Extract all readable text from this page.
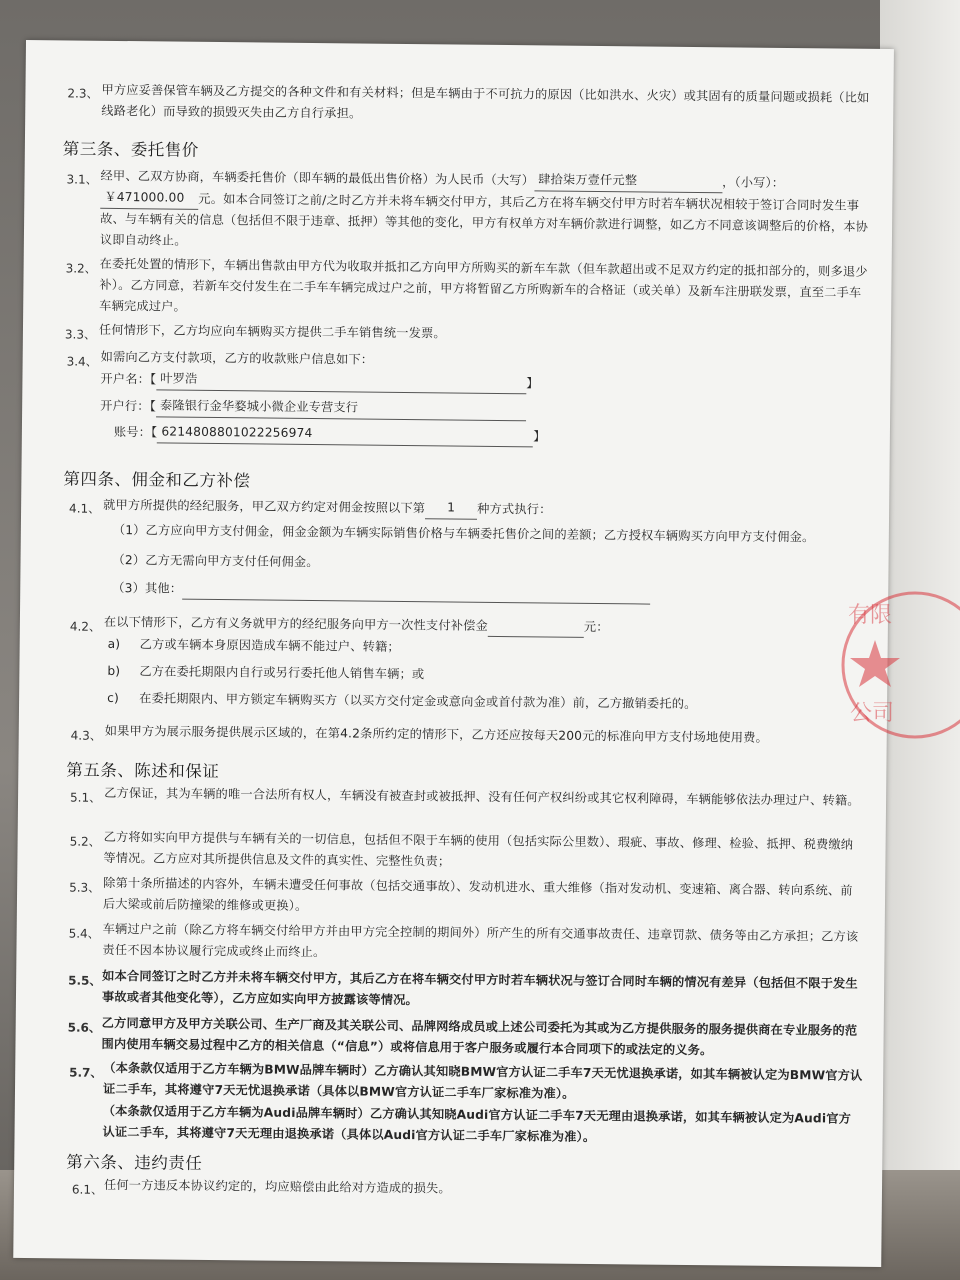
2.3、 甲方应妥善保管车辆及乙方提交的各种文件和有关材料；但是车辆由于不可抗力的原因（比如洪水、火灾）或其固有的质量问题或损耗（比如线路老化）而导致的损毁灭失由乙方自行承担。
第三条、委托售价
3.1、 经甲、乙双方协商，车辆委托售价（即车辆的最低出售价格）为人民币（大写） 肆拾柒万壹仟元整	，（小写）：￥471000.00 元。如本合同签订之前/之时乙方并未将车辆交付甲方，其后乙方在将车辆交付甲方时若车辆状况相较于签订合同时发生事故、与车辆有关的信息（包括但不限于违章、抵押）等其他的变化，甲方有权单方对车辆价款进行调整，如乙方不同意该调整后的价格，本协议即自动终止。
3.2、 在委托处置的情形下，车辆出售款由甲方代为收取并抵扣乙方向甲方所购买的新车车款（但车款超出或不足双方约定的抵扣部分的，则多退少补）。乙方同意，若新车交付发生在二手车车辆完成过户之前，甲方将暂留乙方所购新车的合格证（或关单）及新车注册联发票，直至二手车车辆完成过户。
3.3、 任何情形下，乙方均应向车辆购买方提供二手车销售统一发票。
3.4、 如需向乙方支付款项，乙方的收款账户信息如下：
开户名：【 叶罗浩	】
开户行：【 泰隆银行金华婺城小微企业专营支行
账号：【 6214808801022256974	】
第四条、佣金和乙方补偿
4.1、 就甲方所提供的经纪服务，甲乙双方约定对佣金按照以下第 1 种方式执行：
（1）乙方应向甲方支付佣金，佣金金额为车辆实际销售价格与车辆委托售价之间的差额；乙方授权车辆购买方向甲方支付佣金。
（2）乙方无需向甲方支付任何佣金。
（3）其他：
4.2、 在以下情形下，乙方有义务就甲方的经纪服务向甲方一次性支付补偿金	元：
a) 乙方或车辆本身原因造成车辆不能过户、转籍；
b) 乙方在委托期限内自行或另行委托他人销售车辆；或
c) 在委托期限内、甲方锁定车辆购买方（以买方交付定金或意向金或首付款为准）前，乙方撤销委托的。
4.3、 如果甲方为展示服务提供展示区域的，在第4.2条所约定的情形下，乙方还应按每天200元的标准向甲方支付场地使用费。
第五条、陈述和保证
5.1、 乙方保证，其为车辆的唯一合法所有权人，车辆没有被查封或被抵押、没有任何产权纠纷或其它权利障碍，车辆能够依法办理过户、转籍。
5.2、 乙方将如实向甲方提供与车辆有关的一切信息，包括但不限于车辆的使用（包括实际公里数）、瑕疵、事故、修理、检验、抵押、税费缴纳等情况。乙方应对其所提供信息及文件的真实性、完整性负责；
5.3、 除第十条所描述的内容外，车辆未遭受任何事故（包括交通事故）、发动机进水、重大维修（指对发动机、变速箱、离合器、转向系统、前后大梁或前后防撞梁的维修或更换）。
5.4、 车辆过户之前（除乙方将车辆交付给甲方并由甲方完全控制的期间外）所产生的所有交通事故责任、违章罚款、债务等由乙方承担；乙方该责任不因本协议履行完成或终止而终止。
5.5、 如本合同签订之时乙方并未将车辆交付甲方，其后乙方在将车辆交付甲方时若车辆状况与签订合同时车辆的情况有差异（包括但不限于发生事故或者其他变化等），乙方应如实向甲方披露该等情况。
5.6、 乙方同意甲方及甲方关联公司、生产厂商及其关联公司、品牌网络成员或上述公司委托为其或为乙方提供服务的服务提供商在专业服务的范围内使用车辆交易过程中乙方的相关信息（“信息”）或将信息用于客户服务或履行本合同项下的或法定的义务。
5.7、 （本条款仅适用于乙方车辆为BMW品牌车辆时）乙方确认其知晓BMW官方认证二手车7天无忧退换承诺，如其车辆被认定为BMW官方认证二手车，其将遵守7天无忧退换承诺（具体以BMW官方认证二手车厂家标准为准）。
（本条款仅适用于乙方车辆为Audi品牌车辆时）乙方确认其知晓Audi官方认证二手车7天无理由退换承诺，如其车辆被认定为Audi官方认证二手车，其将遵守7天无理由退换承诺（具体以Audi官方认证二手车厂家标准为准）。
第六条、违约责任
6.1、 任何一方违反本协议约定的，均应赔偿由此给对方造成的损失。
有限
公司
